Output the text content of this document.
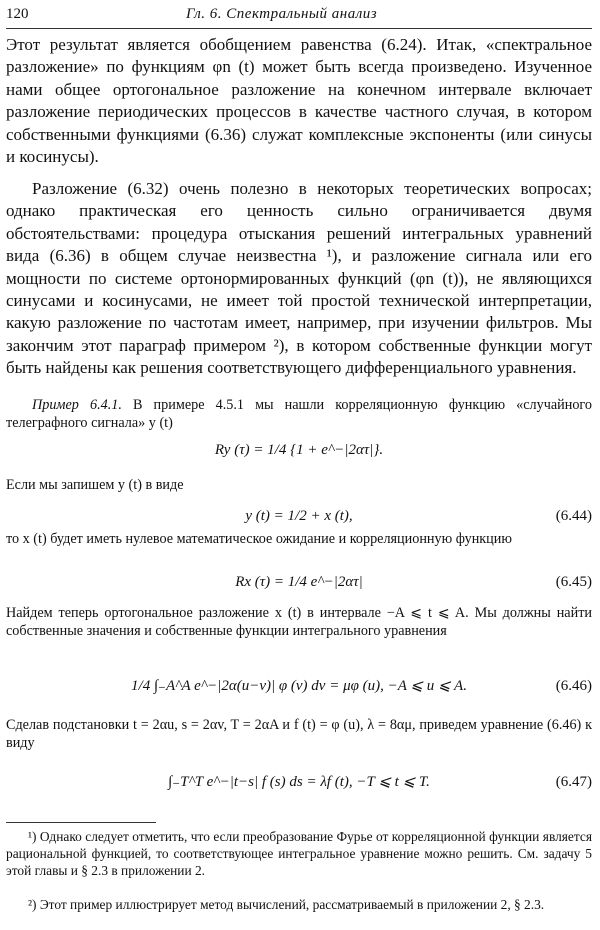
120	Гл. 6. Спектральный анализ

Этот результат является обобщением равенства (6.24). Итак, «спектральное разложение» по функциям φn (t) может быть всегда произведено. Изученное нами общее ортогональное разложение на конечном интервале включает разложение периодических процессов в качестве частного случая, в котором собственными функциями (6.36) служат комплексные экспоненты (или синусы и косинусы).

Разложение (6.32) очень полезно в некоторых теоретических вопросах; однако практическая его ценность сильно ограничивается двумя обстоятельствами: процедура отыскания решений интегральных уравнений вида (6.36) в общем случае неизвестна ¹), и разложение сигнала или его мощности по системе ортонормированных функций (φn (t)), не являющихся синусами и косинусами, не имеет той простой технической интерпретации, какую разложение по частотам имеет, например, при изучении фильтров. Мы закончим этот параграф примером ²), в котором собственные функции могут быть найдены как решения соответствующего дифференциального уравнения.

Пример 6.4.1. В примере 4.5.1 мы нашли корреляционную функцию «случайного телеграфного сигнала» y (t)

Ry (τ) = 1/4 {1 + e^−|2ατ|}.

Если мы запишем y (t) в виде

y (t) = 1/2 + x (t),	(6.44)

то x (t) будет иметь нулевое математическое ожидание и корреляционную функцию

Rx (τ) = 1/4 e^−|2ατ|	(6.45)

Найдем теперь ортогональное разложение x (t) в интервале −A ⩽ t ⩽ A. Мы должны найти собственные значения и собственные функции интегрального уравнения

1/4 ∫₋A^A e^−|2α(u−v)| φ (v) dv = μφ (u), −A ⩽ u ⩽ A.	(6.46)

Сделав подстановки t = 2αu, s = 2αv, T = 2αA и f (t) = φ (u), λ = 8αμ, приведем уравнение (6.46) к виду

∫₋T^T e^−|t−s| f (s) ds = λf (t), −T ⩽ t ⩽ T.	(6.47)

¹) Однако следует отметить, что если преобразование Фурье от корреляционной функции является рациональной функцией, то соответствующее интегральное уравнение можно решить. См. задачу 5 этой главы и § 2.3 в приложении 2.

²) Этот пример иллюстрирует метод вычислений, рассматриваемый в приложении 2, § 2.3.
